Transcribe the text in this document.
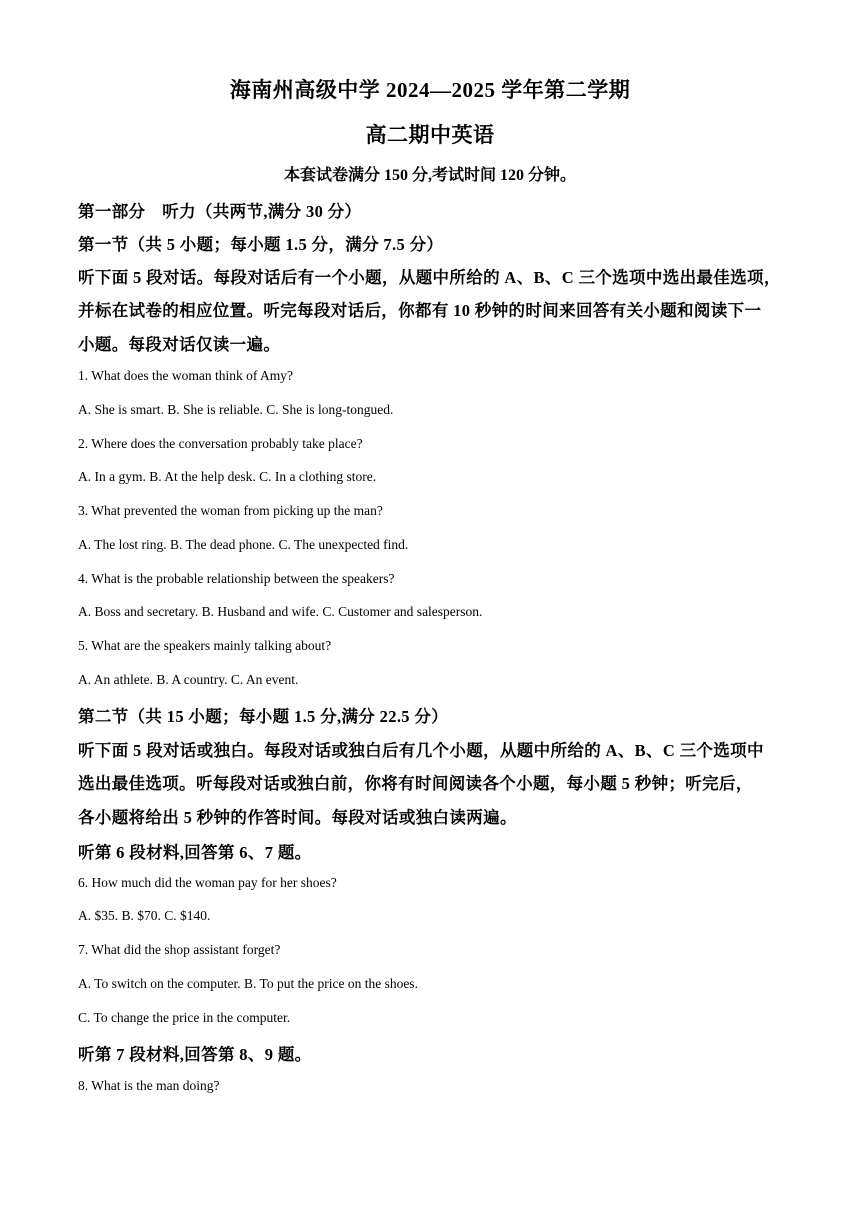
海南州高级中学 2024—2025 学年第二学期
高二期中英语
本套试卷满分 150 分,考试时间 120 分钟。
第一部分　听力（共两节,满分 30 分）
第一节（共 5 小题；每小题 1.5 分，满分 7.5 分）
听下面 5 段对话。每段对话后有一个小题，从题中所给的 A、B、C 三个选项中选出最佳选项，
并标在试卷的相应位置。听完每段对话后，你都有 10 秒钟的时间来回答有关小题和阅读下一
小题。每段对话仅读一遍。
1. What does the woman think of Amy?
A. She is smart. B. She is reliable. C. She is long-tongued.
2. Where does the conversation probably take place?
A. In a gym. B. At the help desk. C. In a clothing store.
3. What prevented the woman from picking up the man?
A. The lost ring. B. The dead phone. C. The unexpected find.
4. What is the probable relationship between the speakers?
A. Boss and secretary. B. Husband and wife. C. Customer and salesperson.
5. What are the speakers mainly talking about?
A. An athlete. B. A country. C. An event.
第二节（共 15 小题；每小题 1.5 分,满分 22.5 分）
听下面 5 段对话或独白。每段对话或独白后有几个小题，从题中所给的 A、B、C 三个选项中
选出最佳选项。听每段对话或独白前，你将有时间阅读各个小题，每小题 5 秒钟；听完后，
各小题将给出 5 秒钟的作答时间。每段对话或独白读两遍。
听第 6 段材料,回答第 6、7 题。
6. How much did the woman pay for her shoes?
A. $35. B. $70. C. $140.
7. What did the shop assistant forget?
A. To switch on the computer. B. To put the price on the shoes.
C. To change the price in the computer.
听第 7 段材料,回答第 8、9 题。
8. What is the man doing?
